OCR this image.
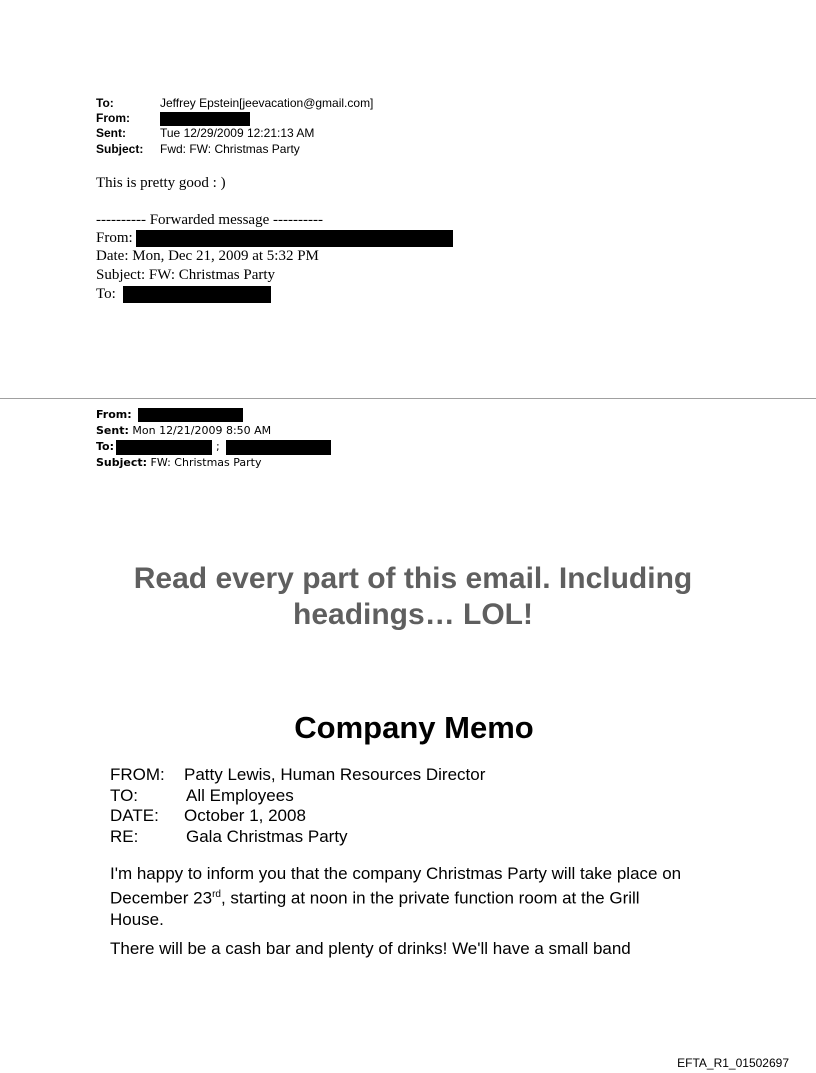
To:	Jeffrey Epstein[jeevacation@gmail.com]
From:
Sent:	Tue 12/29/2009 12:21:13 AM
Subject: Fwd: FW: Christmas Party
This is pretty good : )
---------- Forwarded message ----------
From:
Date: Mon, Dec 21, 2009 at 5:32 PM
Subject: FW: Christmas Party
To:
From:
Sent: Mon 12/21/2009 8:50 AM
To:	;
Subject: FW: Christmas Party
Read every part of this email. Including
headings… LOL!
Company Memo
FROM: Patty Lewis, Human Resources Director
TO:	All Employees
DATE: October 1, 2008
RE:	Gala Christmas Party
I'm happy to inform you that the company Christmas Party will take place on
December 23rd, starting at noon in the private function room at the Grill
House.
There will be a cash bar and plenty of drinks! We'll have a small band
EFTA_R1_01502697
